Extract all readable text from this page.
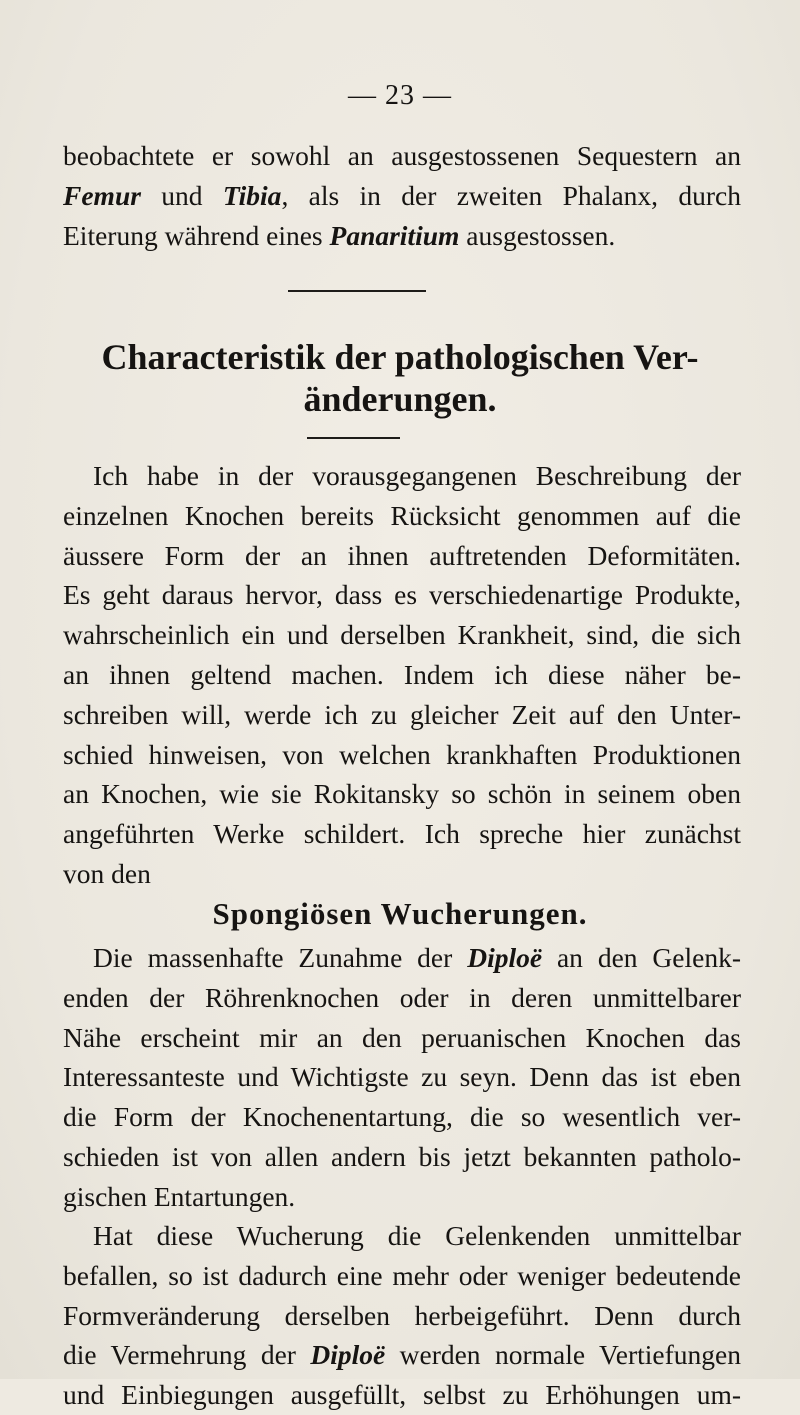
— 23 —
beobachtete er sowohl an ausgestossenen Sequestern an
Femur und Tibia, als in der zweiten Phalanx, durch
Eiterung während eines Panaritium ausgestossen.
Characteristik der pathologischen Ver-
änderungen.
Ich habe in der vorausgegangenen Beschreibung der
einzelnen Knochen bereits Rücksicht genommen auf die
äussere Form der an ihnen auftretenden Deformitäten.
Es geht daraus hervor, dass es verschiedenartige Produkte,
wahrscheinlich ein und derselben Krankheit, sind, die sich
an ihnen geltend machen. Indem ich diese näher be-
schreiben will, werde ich zu gleicher Zeit auf den Unter-
schied hinweisen, von welchen krankhaften Produktionen
an Knochen, wie sie Rokitansky so schön in seinem oben
angeführten Werke schildert. Ich spreche hier zunächst
von den
Spongiösen Wucherungen.
Die massenhafte Zunahme der Diploë an den Gelenk-
enden der Röhrenknochen oder in deren unmittelbarer
Nähe erscheint mir an den peruanischen Knochen das
Interessanteste und Wichtigste zu seyn. Denn das ist eben
die Form der Knochenentartung, die so wesentlich ver-
schieden ist von allen andern bis jetzt bekannten patholo-
gischen Entartungen.
Hat diese Wucherung die Gelenkenden unmittelbar
befallen, so ist dadurch eine mehr oder weniger bedeutende
Formveränderung derselben herbeigeführt. Denn durch
die Vermehrung der Diploë werden normale Vertiefungen
und Einbiegungen ausgefüllt, selbst zu Erhöhungen um-
